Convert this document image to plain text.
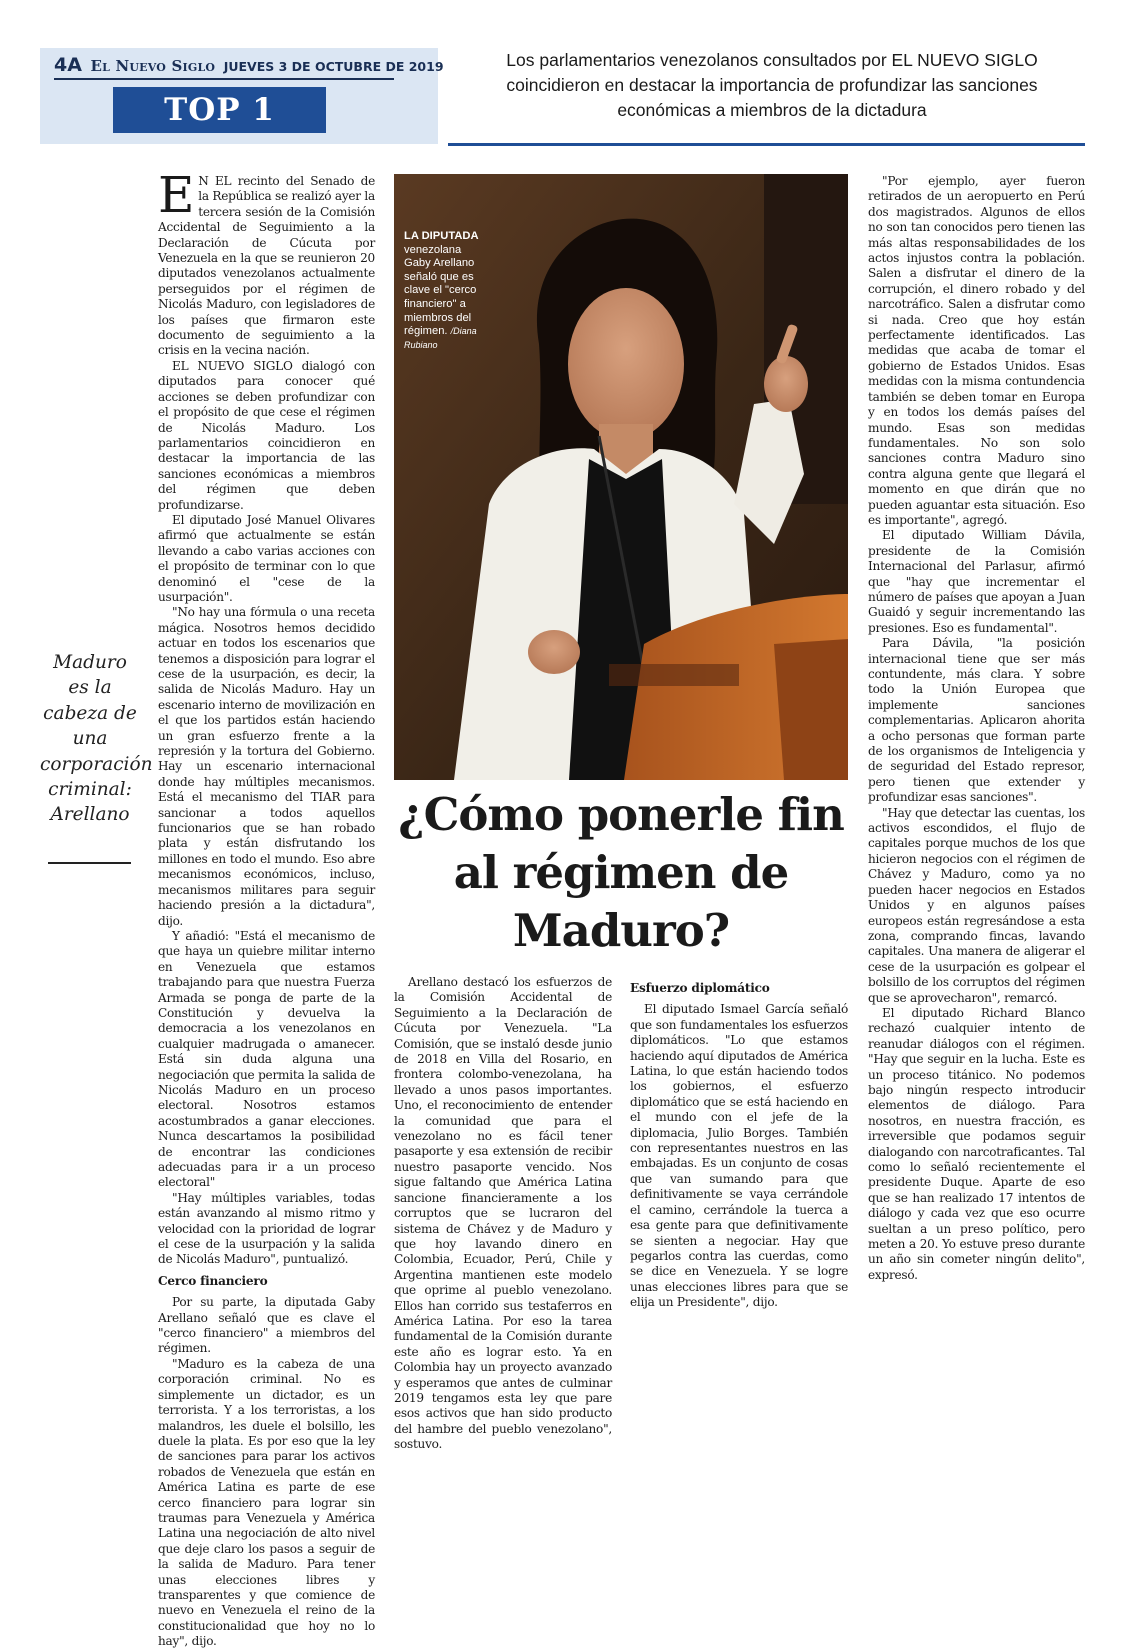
4A El Nuevo Siglo JUEVES 3 DE OCTUBRE DE 2019
TOP 1
Los parlamentarios venezolanos consultados por EL NUEVO SIGLO coincidieron en destacar la importancia de profundizar las sanciones económicas a miembros de la dictadura
Maduro es la cabeza de una corporación criminal: Arellano
LA DIPUTADA
venezolana Gaby Arellano señaló que es clave el "cerco financiero" a miembros del régimen. /Diana Rubiano
¿Cómo ponerle fin al régimen de Maduro?

E N EL recinto del Senado de la República se realizó ayer la tercera sesión de la Comisión Accidental de Seguimiento a la Declaración de Cúcuta por Venezuela en la que se reunieron 20 diputados venezolanos actualmente perseguidos por el régimen de Nicolás Maduro, con legisladores de los países que firmaron este documento de seguimiento a la crisis en la vecina nación.

EL NUEVO SIGLO dialogó con diputados para conocer qué acciones se deben profundizar con el propósito de que cese el régimen de Nicolás Maduro. Los parlamentarios coincidieron en destacar la importancia de las sanciones económicas a miembros del régimen que deben profundizarse.

El diputado José Manuel Olivares afirmó que actualmente se están llevando a cabo varias acciones con el propósito de terminar con lo que denominó el "cese de la usurpación".

"No hay una fórmula o una receta mágica. Nosotros hemos decidido actuar en todos los escenarios que tenemos a disposición para lograr el cese de la usurpación, es decir, la salida de Nicolás Maduro. Hay un escenario interno de movilización en el que los partidos están haciendo un gran esfuerzo frente a la represión y la tortura del Gobierno. Hay un escenario internacional donde hay múltiples mecanismos. Está el mecanismo del TIAR para sancionar a todos aquellos funcionarios que se han robado plata y están disfrutando los millones en todo el mundo. Eso abre mecanismos económicos, incluso, mecanismos militares para seguir haciendo presión a la dictadura", dijo.

Y añadió: "Está el mecanismo de que haya un quiebre militar interno en Venezuela que estamos trabajando para que nuestra Fuerza Armada se ponga de parte de la Constitución y devuelva la democracia a los venezolanos en cualquier madrugada o amanecer. Está sin duda alguna una negociación que permita la salida de Nicolás Maduro en un proceso electoral. Nosotros estamos acostumbrados a ganar elecciones. Nunca descartamos la posibilidad de encontrar las condiciones adecuadas para ir a un proceso electoral"

"Hay múltiples variables, todas están avanzando al mismo ritmo y velocidad con la prioridad de lograr el cese de la usurpación y la salida de Nicolás Maduro", puntualizó.

Cerco financiero

Por su parte, la diputada Gaby Arellano señaló que es clave el "cerco financiero" a miembros del régimen.

"Maduro es la cabeza de una corporación criminal. No es simplemente un dictador, es un terrorista. Y a los terroristas, a los malandros, les duele el bolsillo, les duele la plata. Es por eso que la ley de sanciones para parar los activos robados de Venezuela que están en América Latina es parte de ese cerco financiero para lograr sin traumas para Venezuela y América Latina una negociación de alto nivel que deje claro los pasos a seguir de la salida de Maduro. Para tener unas elecciones libres y transparentes y que comience de nuevo en Venezuela el reino de la constitucionalidad que hoy no lo hay", dijo.

Arellano destacó los esfuerzos de la Comisión Accidental de Seguimiento a la Declaración de Cúcuta por Venezuela. "La Comisión, que se instaló desde junio de 2018 en Villa del Rosario, en frontera colombo-venezolana, ha llevado a unos pasos importantes. Uno, el reconocimiento de entender la comunidad que para el venezolano no es fácil tener pasaporte y esa extensión de recibir nuestro pasaporte vencido. Nos sigue faltando que América Latina sancione financieramente a los corruptos que se lucraron del sistema de Chávez y de Maduro y que hoy lavando dinero en Colombia, Ecuador, Perú, Chile y Argentina mantienen este modelo que oprime al pueblo venezolano. Ellos han corrido sus testaferros en América Latina. Por eso la tarea fundamental de la Comisión durante este año es lograr esto. Ya en Colombia hay un proyecto avanzado y esperamos que antes de culminar 2019 tengamos esta ley que pare esos activos que han sido producto del hambre del pueblo venezolano", sostuvo.

Esfuerzo diplomático

El diputado Ismael García señaló que son fundamentales los esfuerzos diplomáticos. "Lo que estamos haciendo aquí diputados de América Latina, lo que están haciendo todos los gobiernos, el esfuerzo diplomático que se está haciendo en el mundo con el jefe de la diplomacia, Julio Borges. También con representantes nuestros en las embajadas. Es un conjunto de cosas que van sumando para que definitivamente se vaya cerrándole el camino, cerrándole la tuerca a esa gente para que definitivamente se sienten a negociar. Hay que pegarlos contra las cuerdas, como se dice en Venezuela. Y se logre unas elecciones libres para que se elija un Presidente", dijo.

"Por ejemplo, ayer fueron retirados de un aeropuerto en Perú dos magistrados. Algunos de ellos no son tan conocidos pero tienen las más altas responsabilidades de los actos injustos contra la población. Salen a disfrutar el dinero de la corrupción, el dinero robado y del narcotráfico. Salen a disfrutar como si nada. Creo que hoy están perfectamente identificados. Las medidas que acaba de tomar el gobierno de Estados Unidos. Esas medidas con la misma contundencia también se deben tomar en Europa y en todos los demás países del mundo. Esas son medidas fundamentales. No son solo sanciones contra Maduro sino contra alguna gente que llegará el momento en que dirán que no pueden aguantar esta situación. Eso es importante", agregó.

El diputado William Dávila, presidente de la Comisión Internacional del Parlasur, afirmó que "hay que incrementar el número de países que apoyan a Juan Guaidó y seguir incrementando las presiones. Eso es fundamental".

Para Dávila, "la posición internacional tiene que ser más contundente, más clara. Y sobre todo la Unión Europea que implemente sanciones complementarias. Aplicaron ahorita a ocho personas que forman parte de los organismos de Inteligencia y de seguridad del Estado represor, pero tienen que extender y profundizar esas sanciones".

"Hay que detectar las cuentas, los activos escondidos, el flujo de capitales porque muchos de los que hicieron negocios con el régimen de Chávez y Maduro, como ya no pueden hacer negocios en Estados Unidos y en algunos países europeos están regresándose a esta zona, comprando fincas, lavando capitales. Una manera de aligerar el cese de la usurpación es golpear el bolsillo de los corruptos del régimen que se aprovecharon", remarcó.

El diputado Richard Blanco rechazó cualquier intento de reanudar diálogos con el régimen. "Hay que seguir en la lucha. Este es un proceso titánico. No podemos bajo ningún respecto introducir elementos de diálogo. Para nosotros, en nuestra fracción, es irreversible que podamos seguir dialogando con narcotraficantes. Tal como lo señaló recientemente el presidente Duque. Aparte de eso que se han realizado 17 intentos de diálogo y cada vez que eso ocurre sueltan a un preso político, pero meten a 20. Yo estuve preso durante un año sin cometer ningún delito", expresó.
